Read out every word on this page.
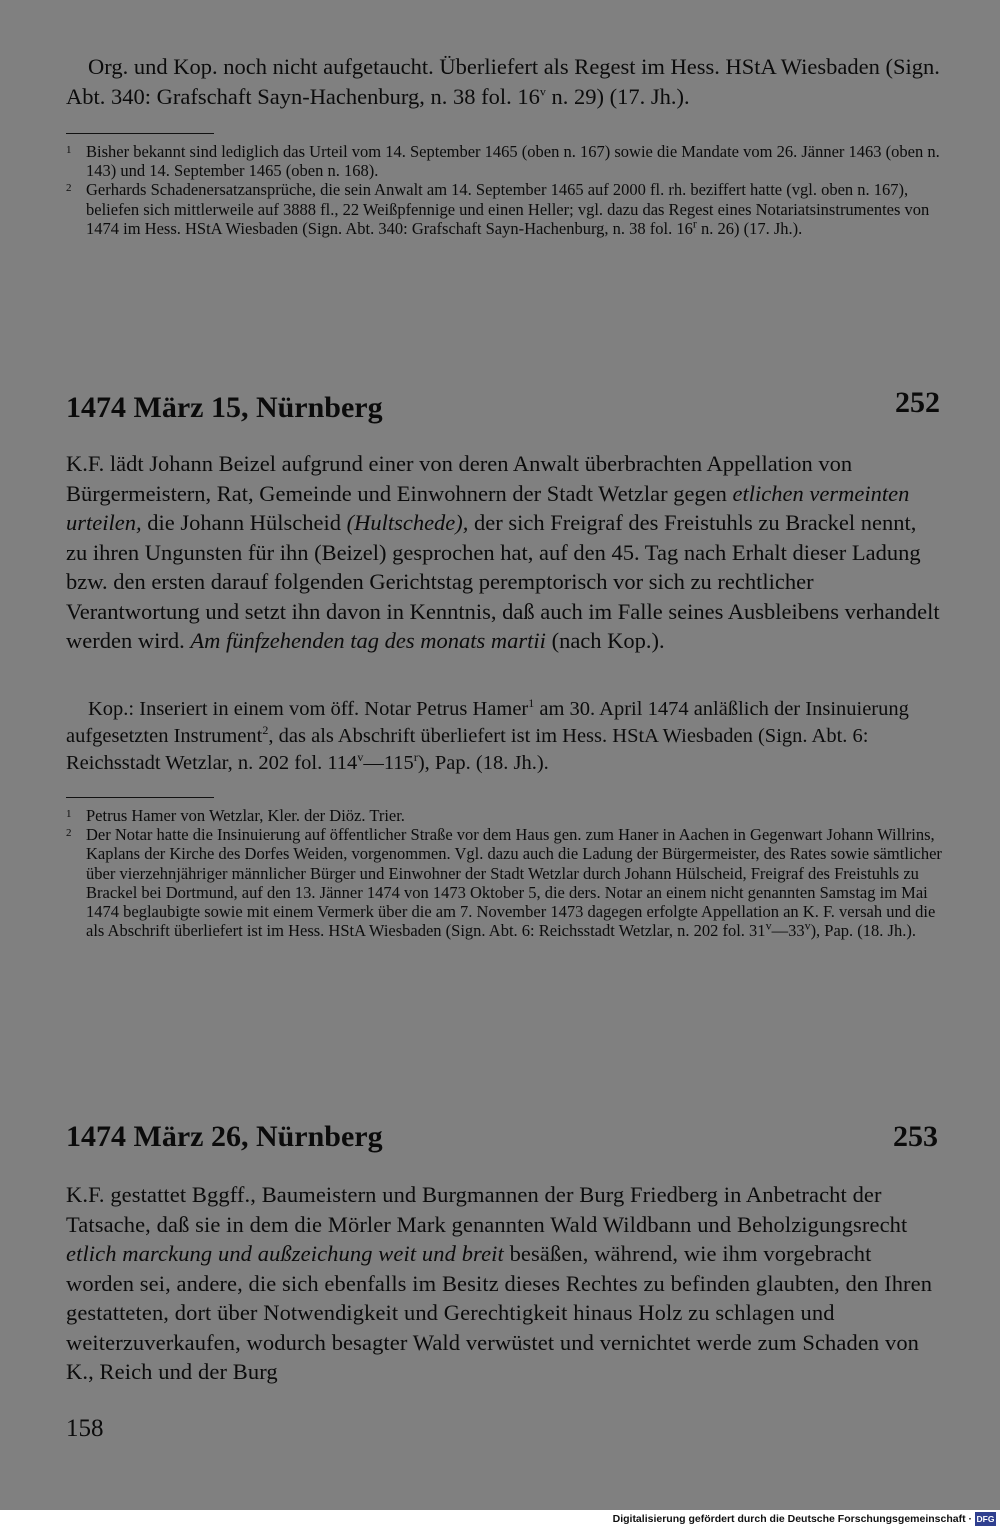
Org. und Kop. noch nicht aufgetaucht. Überliefert als Regest im Hess. HStA Wiesbaden (Sign. Abt. 340: Grafschaft Sayn-Hachenburg, n. 38 fol. 16$^v$ n. 29) (17. Jh.).
1 Bisher bekannt sind lediglich das Urteil vom 14. September 1465 (oben n. 167) sowie die Mandate vom 26. Jänner 1463 (oben n. 143) und 14. September 1465 (oben n. 168).
2 Gerhards Schadenersatzansprüche, die sein Anwalt am 14. September 1465 auf 2000 fl. rh. beziffert hatte (vgl. oben n. 167), beliefen sich mittlerweile auf 3888 fl., 22 Weißpfennige und einen Heller; vgl. dazu das Regest eines Notariatsinstrumentes von 1474 im Hess. HStA Wiesbaden (Sign. Abt. 340: Grafschaft Sayn-Hachenburg, n. 38 fol. 16$^r$ n. 26) (17. Jh.).
1474 März 15, Nürnberg	252
K.F. lädt Johann Beizel aufgrund einer von deren Anwalt überbrachten Appellation von Bürgermeistern, Rat, Gemeinde und Einwohnern der Stadt Wetzlar gegen etlichen vermeinten urteilen, die Johann Hülscheid (Hultschede), der sich Freigraf des Freistuhls zu Brackel nennt, zu ihren Ungunsten für ihn (Beizel) gesprochen hat, auf den 45. Tag nach Erhalt dieser Ladung bzw. den ersten darauf folgenden Gerichtstag peremptorisch vor sich zu rechtlicher Verantwortung und setzt ihn davon in Kenntnis, daß auch im Falle seines Ausbleibens verhandelt werden wird. Am fünfzehenden tag des monats martii (nach Kop.).
Kop.: Inseriert in einem vom öff. Notar Petrus Hamer$^1$ am 30. April 1474 anläßlich der Insinuierung aufgesetzten Instrument$^2$, das als Abschrift überliefert ist im Hess. HStA Wiesbaden (Sign. Abt. 6: Reichsstadt Wetzlar, n. 202 fol. 114$^v$—115$^r$), Pap. (18. Jh.).
1 Petrus Hamer von Wetzlar, Kler. der Diöz. Trier.
2 Der Notar hatte die Insinuierung auf öffentlicher Straße vor dem Haus gen. zum Haner in Aachen in Gegenwart Johann Willrins, Kaplans der Kirche des Dorfes Weiden, vorgenommen. Vgl. dazu auch die Ladung der Bürgermeister, des Rates sowie sämtlicher über vierzehnjähriger männlicher Bürger und Einwohner der Stadt Wetzlar durch Johann Hülscheid, Freigraf des Freistuhls zu Brackel bei Dortmund, auf den 13. Jänner 1474 von 1473 Oktober 5, die ders. Notar an einem nicht genannten Samstag im Mai 1474 beglaubigte sowie mit einem Vermerk über die am 7. November 1473 dagegen erfolgte Appellation an K. F. versah und die als Abschrift überliefert ist im Hess. HStA Wiesbaden (Sign. Abt. 6: Reichsstadt Wetzlar, n. 202 fol. 31$^v$—33$^v$), Pap. (18. Jh.).
1474 März 26, Nürnberg	253
K.F. gestattet Bggff., Baumeistern und Burgmannen der Burg Friedberg in Anbetracht der Tatsache, daß sie in dem die Mörler Mark genannten Wald Wildbann und Beholzigungsrecht etlich marckung und außzeichung weit und breit besäßen, während, wie ihm vorgebracht worden sei, andere, die sich ebenfalls im Besitz dieses Rechtes zu befinden glaubten, den Ihren gestatteten, dort über Notwendigkeit und Gerechtigkeit hinaus Holz zu schlagen und weiterzuverkaufen, wodurch besagter Wald verwüstet und vernichtet werde zum Schaden von K., Reich und der Burg
158
Digitalisierung gefördert durch die Deutsche Forschungsgemeinschaft · DFG
